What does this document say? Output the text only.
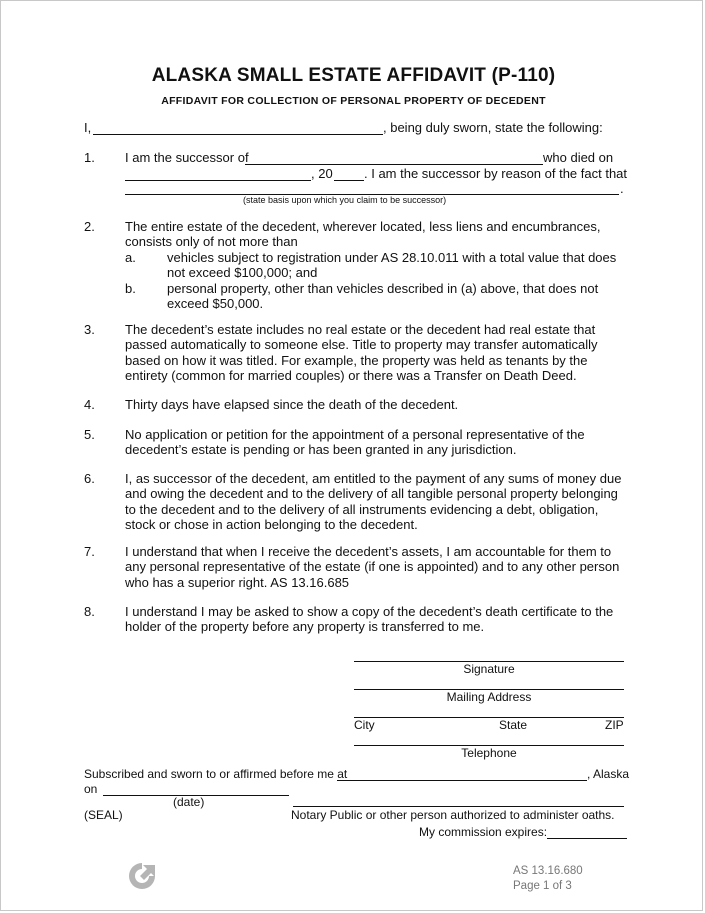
ALASKA SMALL ESTATE AFFIDAVIT (P-110)
AFFIDAVIT FOR COLLECTION OF PERSONAL PROPERTY OF DECEDENT
I,	, being duly sworn, state the following:
1. I am the successor of	who died on
, 20 . I am the successor by reason of the fact that
.
(state basis upon which you claim to be successor)
2. The entire estate of the decedent, wherever located, less liens and encumbrances, consists only of not more than
a. vehicles subject to registration under AS 28.10.011 with a total value that does not exceed $100,000; and
b. personal property, other than vehicles described in (a) above, that does not exceed $50,000.
3. The decedent’s estate includes no real estate or the decedent had real estate that passed automatically to someone else. Title to property may transfer automatically based on how it was titled. For example, the property was held as tenants by the entirety (common for married couples) or there was a Transfer on Death Deed.
4. Thirty days have elapsed since the death of the decedent.
5. No application or petition for the appointment of a personal representative of the decedent’s estate is pending or has been granted in any jurisdiction.
6. I, as successor of the decedent, am entitled to the payment of any sums of money due and owing the decedent and to the delivery of all tangible personal property belonging to the decedent and to the delivery of all instruments evidencing a debt, obligation, stock or chose in action belonging to the decedent.
7. I understand that when I receive the decedent’s assets, I am accountable for them to any personal representative of the estate (if one is appointed) and to any other person who has a superior right. AS 13.16.685
8. I understand I may be asked to show a copy of the decedent’s death certificate to the holder of the property before any property is transferred to me.
Signature
Mailing Address
City	State	ZIP
Telephone
Subscribed and sworn to or affirmed before me at	, Alaska
on
(date)
(SEAL)	Notary Public or other person authorized to administer oaths.
My commission expires:
AS 13.16.680
Page 1 of 3
